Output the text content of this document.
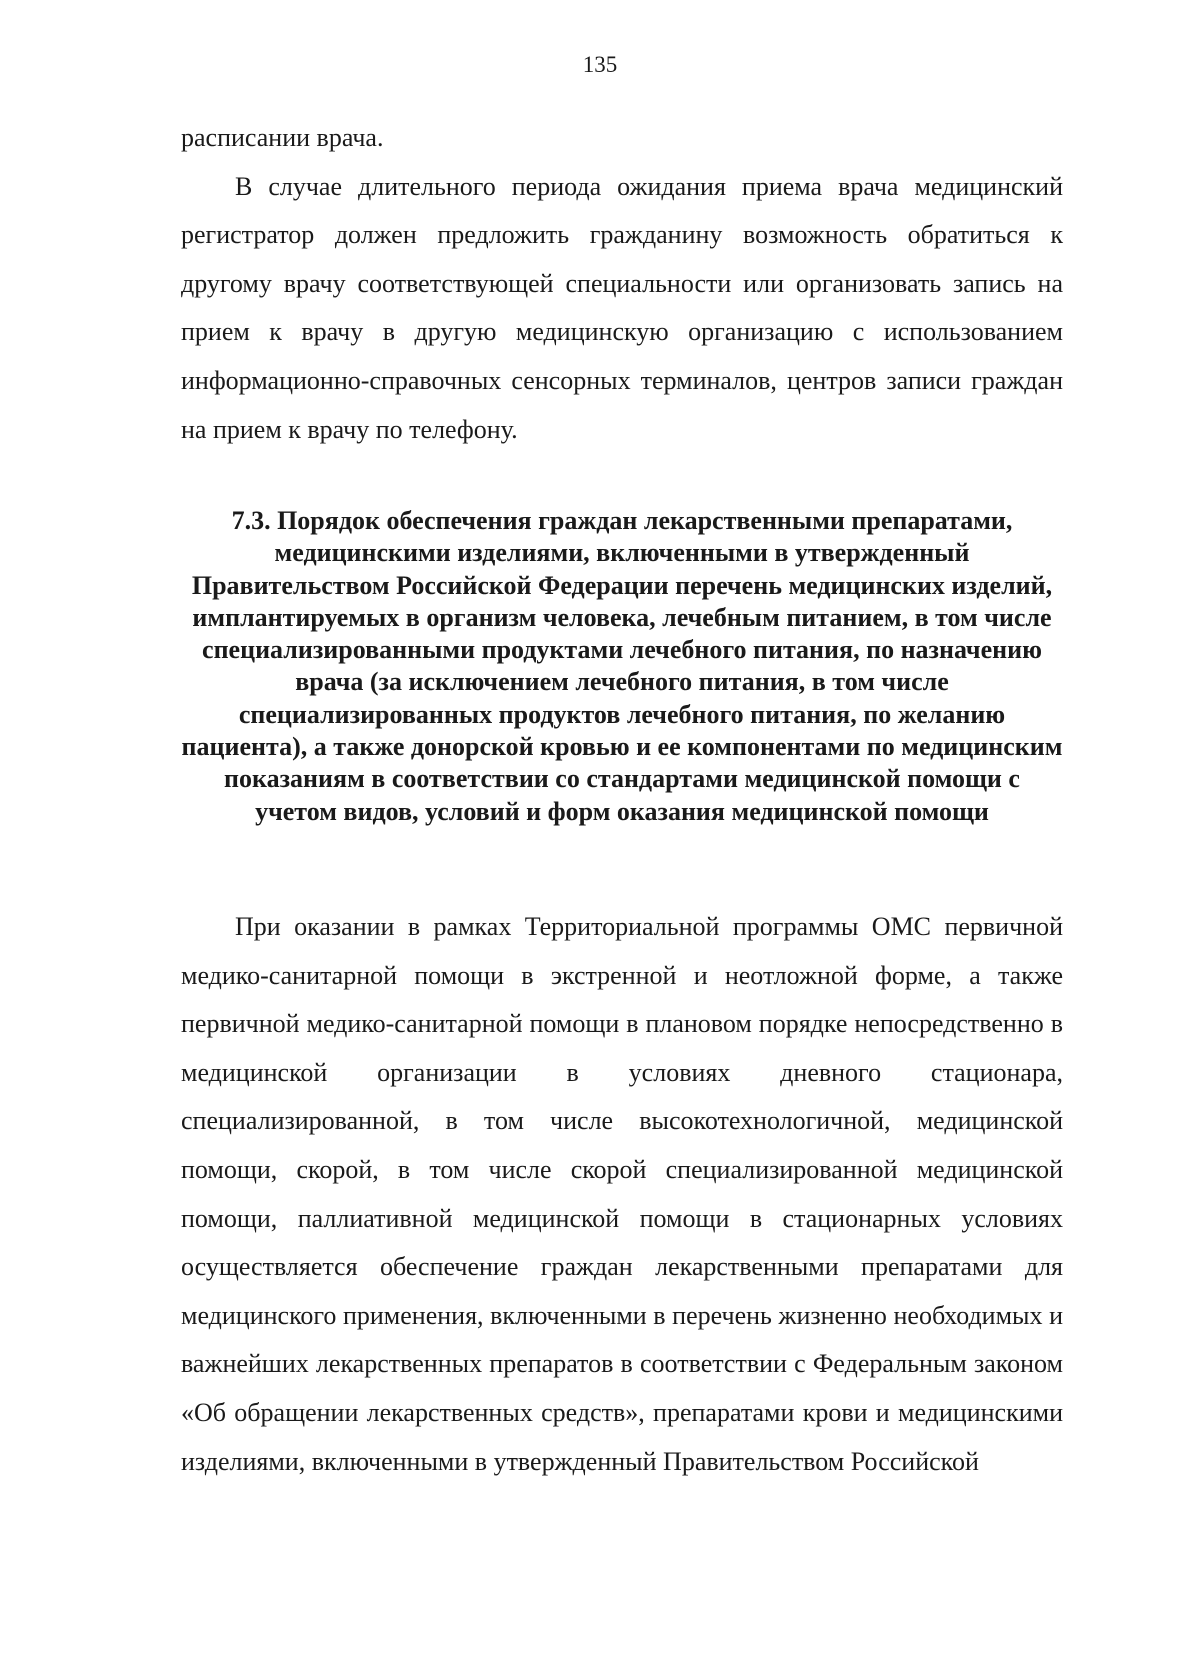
135

расписании врача.

В случае длительного периода ожидания приема врача медицинский регистратор должен предложить гражданину возможность обратиться к другому врачу соответствующей специальности или организовать запись на прием к врачу в другую медицинскую организацию с использованием информационно-справочных сенсорных терминалов, центров записи граждан на прием к врачу по телефону.

7.3. Порядок обеспечения граждан лекарственными препаратами, медицинскими изделиями, включенными в утвержденный Правительством Российской Федерации перечень медицинских изделий, имплантируемых в организм человека, лечебным питанием, в том числе специализированными продуктами лечебного питания, по назначению врача (за исключением лечебного питания, в том числе специализированных продуктов лечебного питания, по желанию пациента), а также донорской кровью и ее компонентами по медицинским показаниям в соответствии со стандартами медицинской помощи с учетом видов, условий и форм оказания медицинской помощи

При оказании в рамках Территориальной программы ОМС первичной медико-санитарной помощи в экстренной и неотложной форме, а также первичной медико-санитарной помощи в плановом порядке непосредственно в медицинской организации в условиях дневного стационара, специализированной, в том числе высокотехнологичной, медицинской помощи, скорой, в том числе скорой специализированной медицинской помощи, паллиативной медицинской помощи в стационарных условиях осуществляется обеспечение граждан лекарственными препаратами для медицинского применения, включенными в перечень жизненно необходимых и важнейших лекарственных препаратов в соответствии с Федеральным законом «Об обращении лекарственных средств», препаратами крови и медицинскими изделиями, включенными в утвержденный Правительством Российской
